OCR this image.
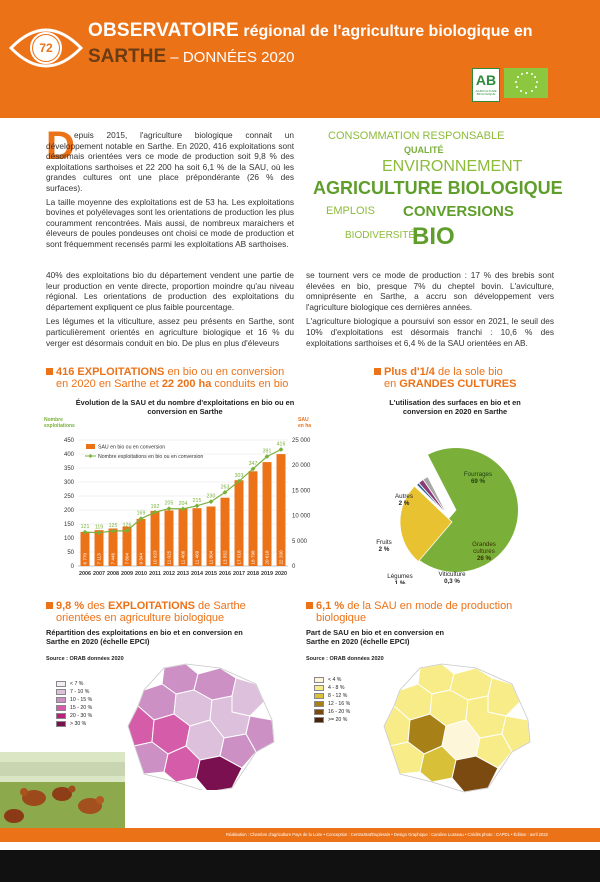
72
OBSERVATOIRE régional de l'agriculture biologique en
SARTHE – DONNÉES 2020
AB
AGRICULTURE BIOLOGIQUE
D epuis 2015, l'agriculture biologique connait un développement notable en Sarthe. En 2020, 416 exploitations sont désormais orientées vers ce mode de production soit 9,8 % des exploitations sarthoises et 22 200 ha soit 6,1 % de la SAU, où les grandes cultures ont une place prépondérante (26 % des surfaces).

La taille moyenne des exploitations est de 53 ha. Les exploitations bovines et polyélevages sont les orientations de production les plus couramment rencontrées. Mais aussi, de nombreux maraichers et éleveurs de poules pondeuses ont choisi ce mode de production et sont fréquemment recensés parmi les exploitations AB sarthoises.

40% des exploitations bio du département vendent une partie de leur production en vente directe, proportion moindre qu'au niveau régional. Les orientations de production des exploitations du département expliquent ce plus faible pourcentage.

Les légumes et la viticulture, assez peu présents en Sarthe, sont particulièrement orientés en agriculture biologique et 16 % du verger est désormais conduit en bio. De plus en plus d'éleveurs

se tournent vers ce mode de production : 17 % des brebis sont élevées en bio, presque 7% du cheptel bovin. L'aviculture, omniprésente en Sarthe, a accru son développement vers l'agriculture biologique ces dernières années.

L'agriculture biologique a poursuivi son essor en 2021, le seuil des 10% d'exploitations est désormais franchi : 10,6 % des exploitations sarthoises et 6,4 % de la SAU orientées en AB.

CONSOMMATION RESPONSABLE
QUALITÉ
ENVIRONNEMENT
AGRICULTURE BIOLOGIQUE
EMPLOIS CONVERSIONS
BIODIVERSITÉ
BIO
416 EXPLOITATIONS en bio ou en conversion
en 2020 en Sarthe et 22 200 ha conduits en bio
Évolution de la SAU et du nombre d'exploitations en bio ou en conversion en Sarthe
Nombre
exploitations
SAU
en ha
0
50
100
150
200
250
300
350
400
450
0
5 000
10 000
15 000
20 000
25 000
6 770 7 113 7 446 7 804 9 344 10 923 11 025 11 406 11 469 11 804 13 552 17 018 18 798 20 618 22 200
121 119 125 126
169
192
205 204
215
230
263
303
347
391
416
2006 2007 2008 2009 2010 2011 2012 2013 2014 2015 2016 2017 2018 2019 2020
SAU en bio ou en conversion
Nombre exploitations en bio ou en conversion
Plus d'1/4 de la sole bio
en GRANDES CULTURES
L'utilisation des surfaces en bio et en conversion en 2020 en Sarthe
Fourrages
69 %
Grandes
cultures
26 %
Viticulture
0,3 %
Légumes
1 %
Fruits
2 %
Autres
2 %
9,8 % des EXPLOITATIONS de Sarthe
orientées en agriculture biologique
Répartition des exploitations en bio et en conversion en Sarthe en 2020 (échelle EPCI)
Source : ORAB données 2020
< 7 %
7 - 10 %
10 - 15 %
15 - 20 %
20 - 30 %
> 30 %
6,1 % de la SAU en mode de production
biologique
Part de SAU en bio et en conversion en Sarthe en 2020 (échelle EPCI)
Source : ORAB données 2020
< 4 %
4 - 8 %
8 - 12 %
12 - 16 %
16 - 20 %
>= 20 %
Réalisation : Chambre d'agriculture Pays de la Loire • Conception : CentraStat/Duplessis • Design Graphique : Caroline Lusseau • Crédits photo : CAPDL • Édition : avril 2022
